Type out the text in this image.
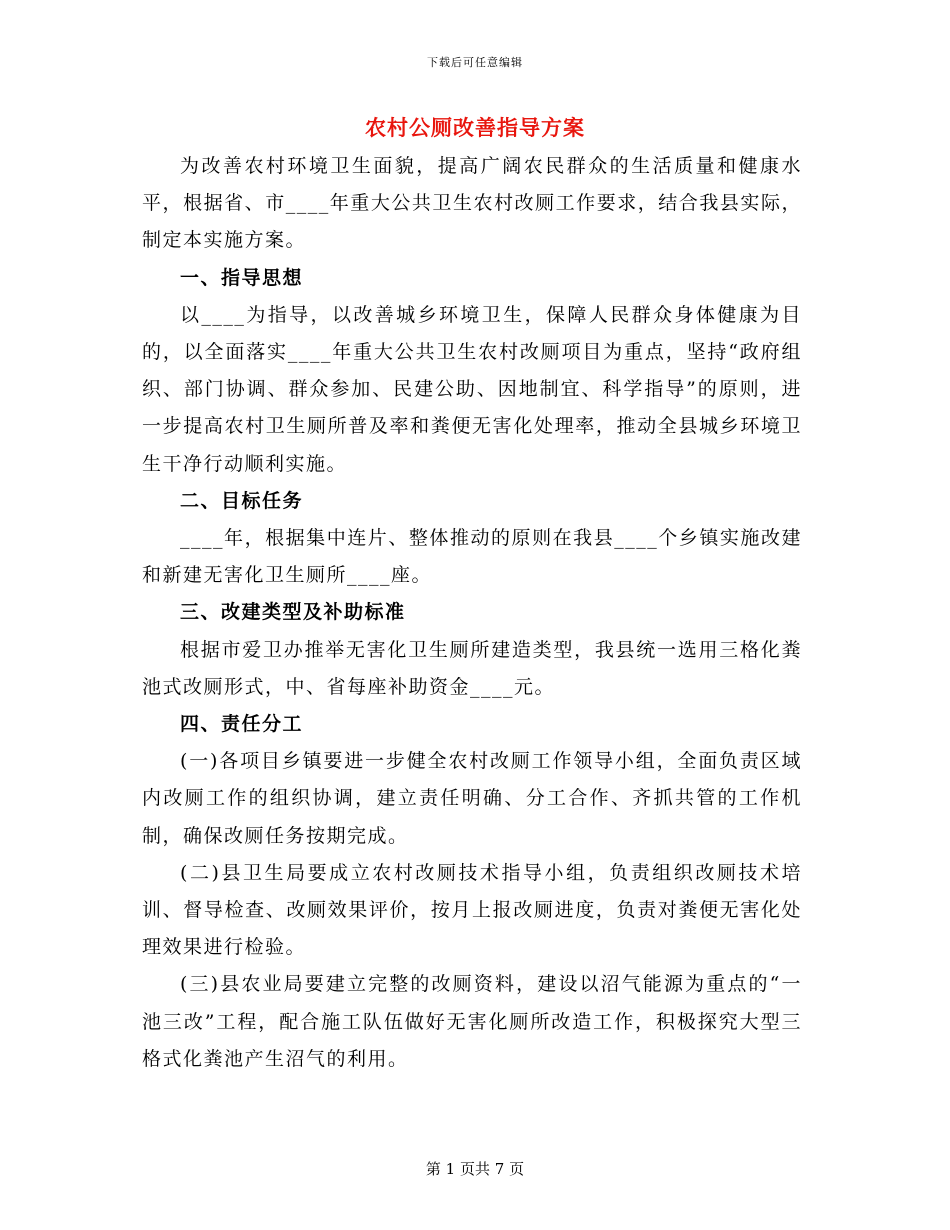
下载后可任意编辑
农村公厕改善指导方案

为改善农村环境卫生面貌，提高广阔农民群众的生活质量和健康水平，根据省、市____年重大公共卫生农村改厕工作要求，结合我县实际，制定本实施方案。

一、指导思想

以____为指导，以改善城乡环境卫生，保障人民群众身体健康为目的，以全面落实____年重大公共卫生农村改厕项目为重点，坚持“政府组织、部门协调、群众参加、民建公助、因地制宜、科学指导”的原则，进一步提高农村卫生厕所普及率和粪便无害化处理率，推动全县城乡环境卫生干净行动顺利实施。

二、目标任务

____年，根据集中连片、整体推动的原则在我县____个乡镇实施改建和新建无害化卫生厕所____座。

三、改建类型及补助标准

根据市爱卫办推举无害化卫生厕所建造类型，我县统一选用三格化粪池式改厕形式，中、省每座补助资金____元。

四、责任分工

(一)各项目乡镇要进一步健全农村改厕工作领导小组，全面负责区域内改厕工作的组织协调，建立责任明确、分工合作、齐抓共管的工作机制，确保改厕任务按期完成。

(二)县卫生局要成立农村改厕技术指导小组，负责组织改厕技术培训、督导检查、改厕效果评价，按月上报改厕进度，负责对粪便无害化处理效果进行检验。

(三)县农业局要建立完整的改厕资料，建设以沼气能源为重点的“一池三改”工程，配合施工队伍做好无害化厕所改造工作，积极探究大型三格式化粪池产生沼气的利用。

第 1 页共 7 页
